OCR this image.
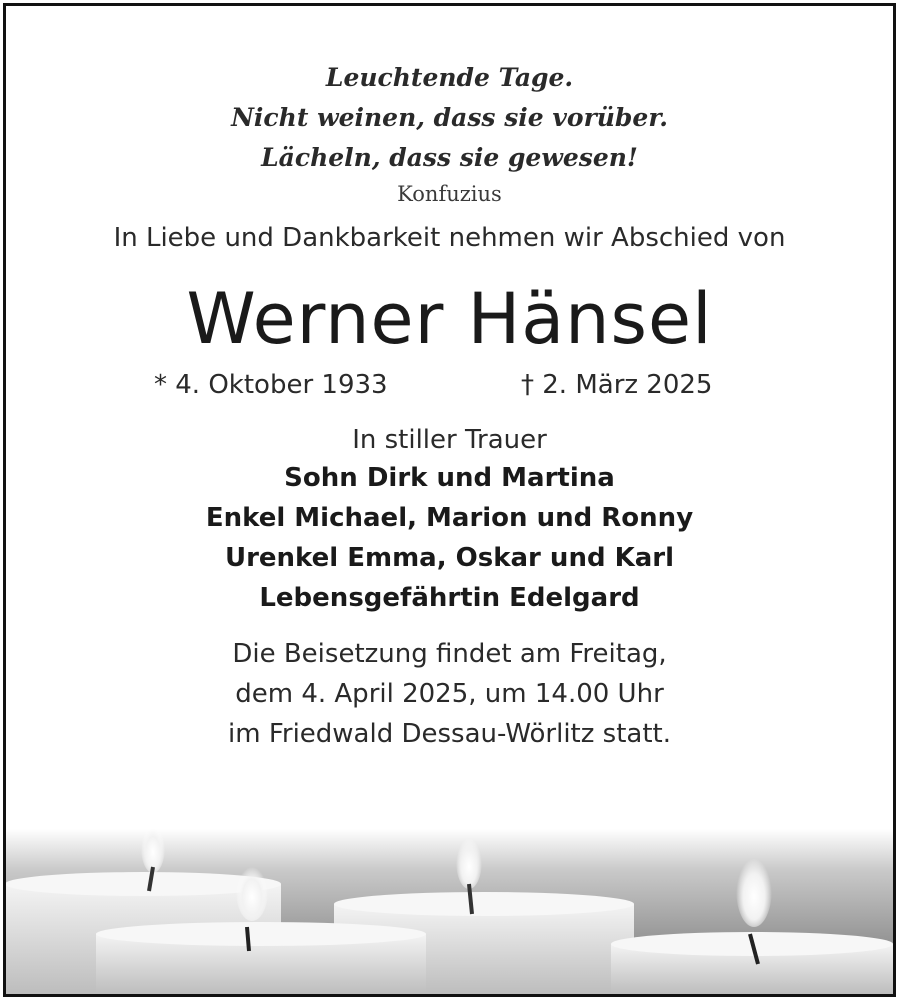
Leuchtende Tage.
Nicht weinen, dass sie vorüber.
Lächeln, dass sie gewesen!
Konfuzius
In Liebe und Dankbarkeit nehmen wir Abschied von
Werner Hänsel
* 4. Oktober 1933	† 2. März 2025
In stiller Trauer
Sohn Dirk und Martina
Enkel Michael, Marion und Ronny
Urenkel Emma, Oskar und Karl
Lebensgefährtin Edelgard
Die Beisetzung findet am Freitag,
dem 4. April 2025, um 14.00 Uhr
im Friedwald Dessau-Wörlitz statt.
